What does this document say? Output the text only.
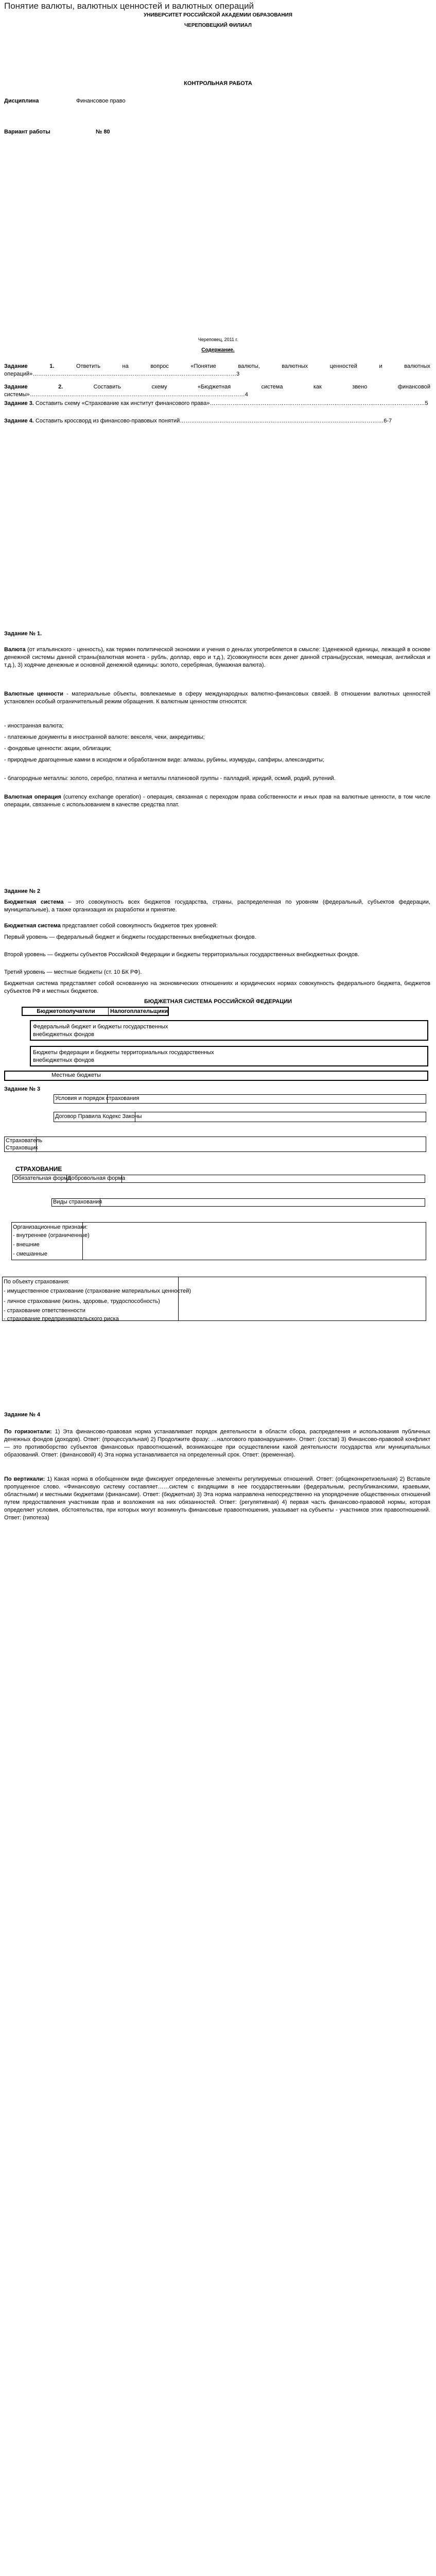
Понятие валюты, валютных ценностей и валютных операций
УНИВЕРСИТЕТ РОССИЙСКОЙ АКАДЕМИИ ОБРАЗОВАНИЯ
ЧЕРЕПОВЕЦКИЙ ФИЛИАЛ
КОНТРОЛЬНАЯ РАБОТА
Дисциплина	Финансовое право
Вариант работы	№ 80
Череповец, 2011 г.
Содержание.
Задание 1. Ответить на вопрос «Понятие валюты, валютных ценностей и валютных операций»………………………………………………………………………………………………3
Задание 2. Составить схему «Бюджетная система как звено финансовой системы»……………………………………………………………………………………………………4
Задание 3. Составить схему «Страхование как институт финансового права»……………………………………………………………………………………………………5
Задание 4. Составить кроссворд из финансово-правовых понятий………………………………………………………………………………………………6-7
Задание № 1.
Валюта (от итальянского - ценность), как термин политической экономии и учения о деньгах употребляется в смысле: 1)денежной единицы, лежащей в основе денежной системы данной страны(валютная монета - рубль, доллар, евро и т.д.), 2)совокупности всех денег данной страны(русская, немецкая, английская и т.д.), 3) ходячие денежные и основной денежной единицы: золото, серебряная, бумажная валюта).
Валютные ценности - материальные объекты, вовлекаемые в сферу международных валютно-финансовых связей. В отношении валютных ценностей установлен особый ограничительный режим обращения. К валютным ценностям относятся:
- иностранная валюта;
- платежные документы в иностранной валюте: векселя, чеки, аккредитивы;
- фондовые ценности: акции, облигации;
- природные драгоценные камни в исходном и обработанном виде: алмазы, рубины, изумруды, сапфиры, александриты;
- благородные металлы: золото, серебро, платина и металлы платиновой группы - палладий, иридий, осмий, родий, рутений.
Валютная операция (currency exchange operation) - операция, связанная с переходом права собственности и иных прав на валютные ценности, в том числе операции, связанные с использованием в качестве средства плат.
Задание № 2
Бюджетная система – это совокупность всех бюджетов государства, страны, распределенная по уровням (федеральный, субъектов федерации, муниципальные), а также организация их разработки и принятие.
Бюджетная система представляет собой совокупность бюджетов трех уровней:
Первый уровень — федеральный бюджет и бюджеты государственных внебюджетных фондов.
Второй уровень — бюджеты субъектов Российской Федерации и бюджеты территориальных государственных внебюджетных фондов.
Третий уровень — местные бюджеты (ст. 10 БК РФ).
Бюджетная система представляет собой основанную на экономических отношениях и юридических нормах совокупность федерального бюджета, бюджетов субъектов РФ и местных бюджетов.
БЮДЖЕТНАЯ СИСТЕМА РОССИЙСКОЙ ФЕДЕРАЦИИ
Бюджетополучатели	Налогоплательщики
Федеральный бюджет и бюджеты государственных внебюджетных фондов
Бюджеты федерации и бюджеты территориальных государственных внебюджетных фондов
Местные бюджеты
Задание № 3
Условия и порядок страхования
Договор Правила Кодекс Законы
Страхователь
Страховщик
СТРАХОВАНИЕ
Обязательная форма
Добровольная форма
Виды страхования
Организационные признаки:
- внутреннее (ограниченные)
- внешние
- смешанные
По объекту страхования:
- имущественное страхование (страхование материальных ценностей)
- личное страхование (жизнь, здоровье, трудоспособность)
- страхование ответственности
- страхование предпринимательского риска
Задание № 4
По горизонтали: 1) Эта финансово-правовая норма устанавливает порядок деятельности в области сбора, распределения и использования публичных денежных фондов (доходов). Ответ: (процессуальная) 2) Продолжите фразу: …налогового правонарушения». Ответ: (состав) 3) Финансово-правовой конфликт — это противоборство субъектов финансовых правоотношений, возникающее при осуществлении какой деятельности государства или муниципальных образований. Ответ: (финансовой) 4) Эта норма устанавливается на определенный срок. Ответ: (временная).
По вертикали: 1) Какая норма в обобщенном виде фиксирует определенные элементы регулируемых отношений. Ответ: (общеконкретизельная) 2) Вставьте пропущенное слово. «Финансовую систему составляет……систем с входящими в нее государственными (федеральным, республиканскими, краевыми, областными) и местными бюджетами (финансами). Ответ: (бюджетная) 3) Эта норма направлена непосредственно на упорядочение общественных отношений путем предоставления участникам прав и возложения на них обязанностей. Ответ: (регулятивная) 4) первая часть финансово-правовой нормы, которая определяет условия, обстоятельства, при которых могут возникнуть финансовые правоотношения, указывает на субъекты - участников этих правоотношений. Ответ: (гипотеза)
